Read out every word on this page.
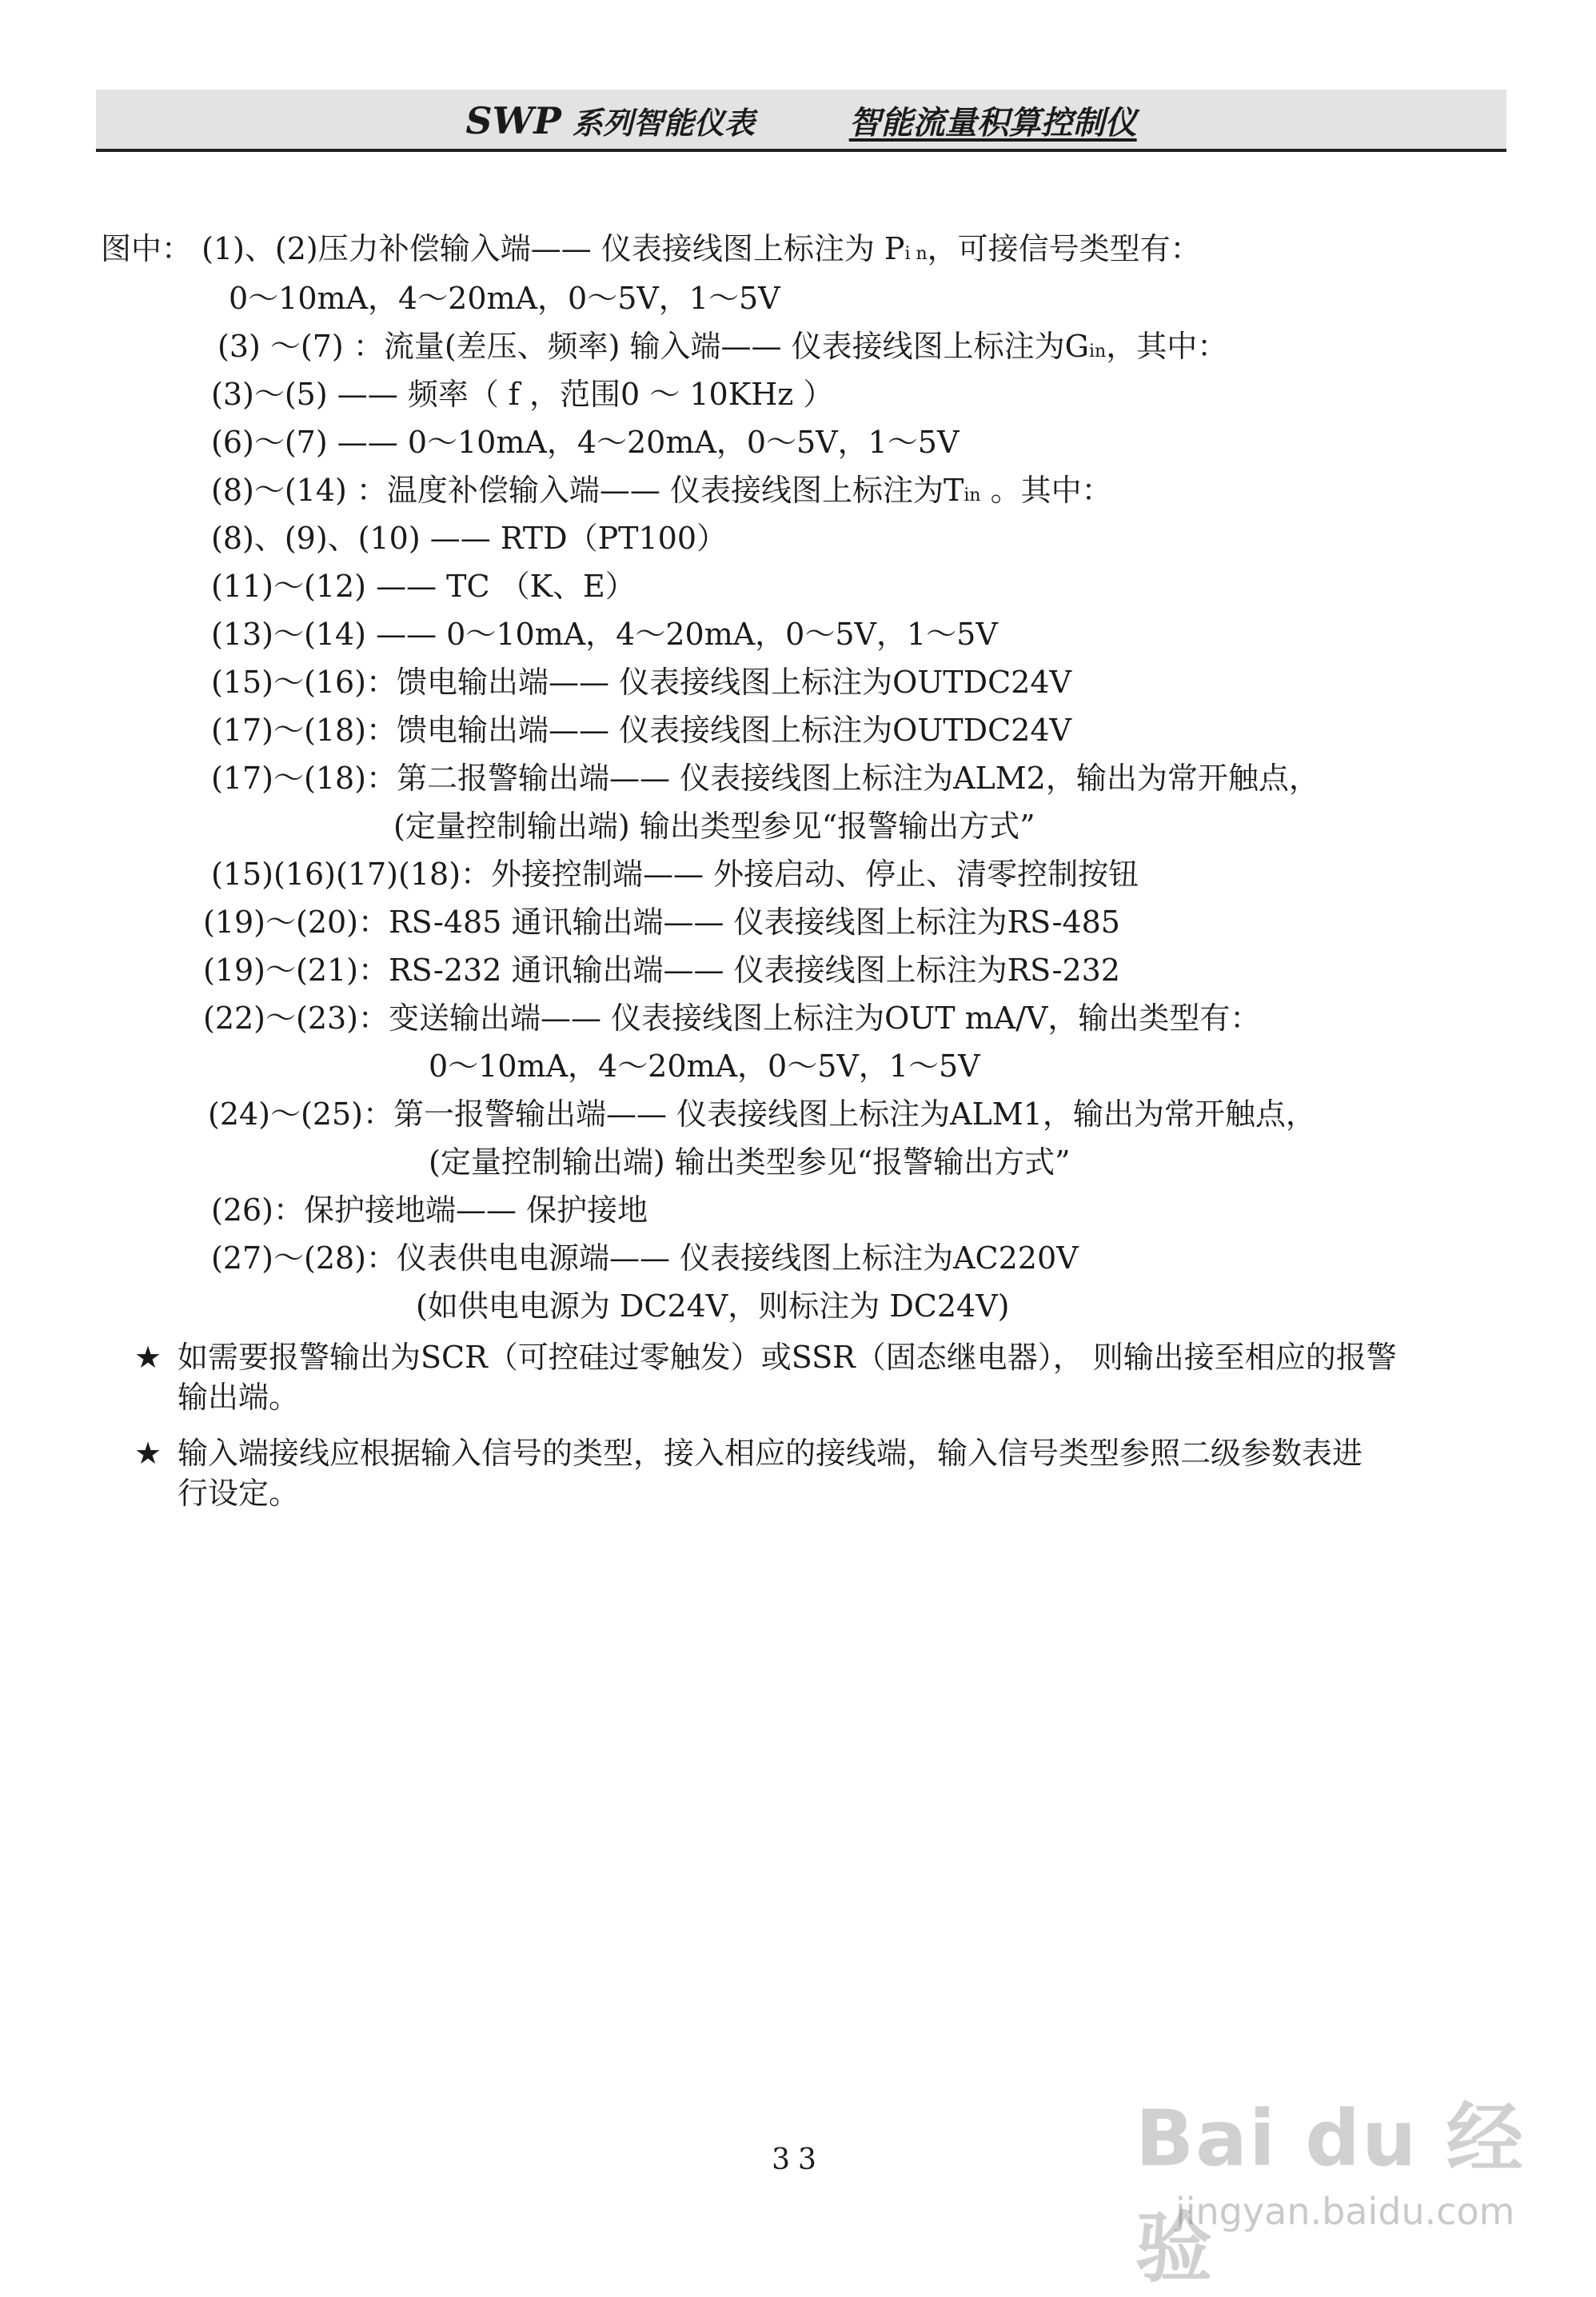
SWP 系列智能仪表	智能流量积算控制仪
图中： (1)、(2)压力补偿输入端—— 仪表接线图上标注为 Pi n，可接信号类型有：
0～10mA，4～20mA，0～5V，1～5V
(3) ～(7) ：流量(差压、频率) 输入端—— 仪表接线图上标注为Gin，其中：
(3)～(5) —— 频率（ f ，范围0 ～ 10KHz ）
(6)～(7) —— 0～10mA，4～20mA，0～5V，1～5V
(8)～(14) ：温度补偿输入端—— 仪表接线图上标注为Tin 。其中：
(8)、(9)、(10) —— RTD（PT100）
(11)～(12) —— TC （K、E）
(13)～(14) —— 0～10mA，4～20mA，0～5V，1～5V
(15)～(16)：馈电输出端—— 仪表接线图上标注为OUTDC24V
(17)～(18)：馈电输出端—— 仪表接线图上标注为OUTDC24V
(17)～(18)：第二报警输出端—— 仪表接线图上标注为ALM2，输出为常开触点，
(定量控制输出端) 输出类型参见“报警输出方式”
(15)(16)(17)(18)：外接控制端—— 外接启动、停止、清零控制按钮
(19)～(20)：RS-485 通讯输出端—— 仪表接线图上标注为RS-485
(19)～(21)：RS-232 通讯输出端—— 仪表接线图上标注为RS-232
(22)～(23)：变送输出端—— 仪表接线图上标注为OUT mA/V，输出类型有：
0～10mA，4～20mA，0～5V，1～5V
(24)～(25)：第一报警输出端—— 仪表接线图上标注为ALM1，输出为常开触点，
(定量控制输出端) 输出类型参见“报警输出方式”
(26)：保护接地端—— 保护接地
(27)～(28)：仪表供电电源端—— 仪表接线图上标注为AC220V
(如供电电源为 DC24V，则标注为 DC24V)
★ 如需要报警输出为SCR（可控硅过零触发）或SSR（固态继电器）， 则输出接至相应的报警
输出端。
★ 输入端接线应根据输入信号的类型，接入相应的接线端，输入信号类型参照二级参数表进
行设定。
33	Bai du 经验
jingyan.baidu.com
